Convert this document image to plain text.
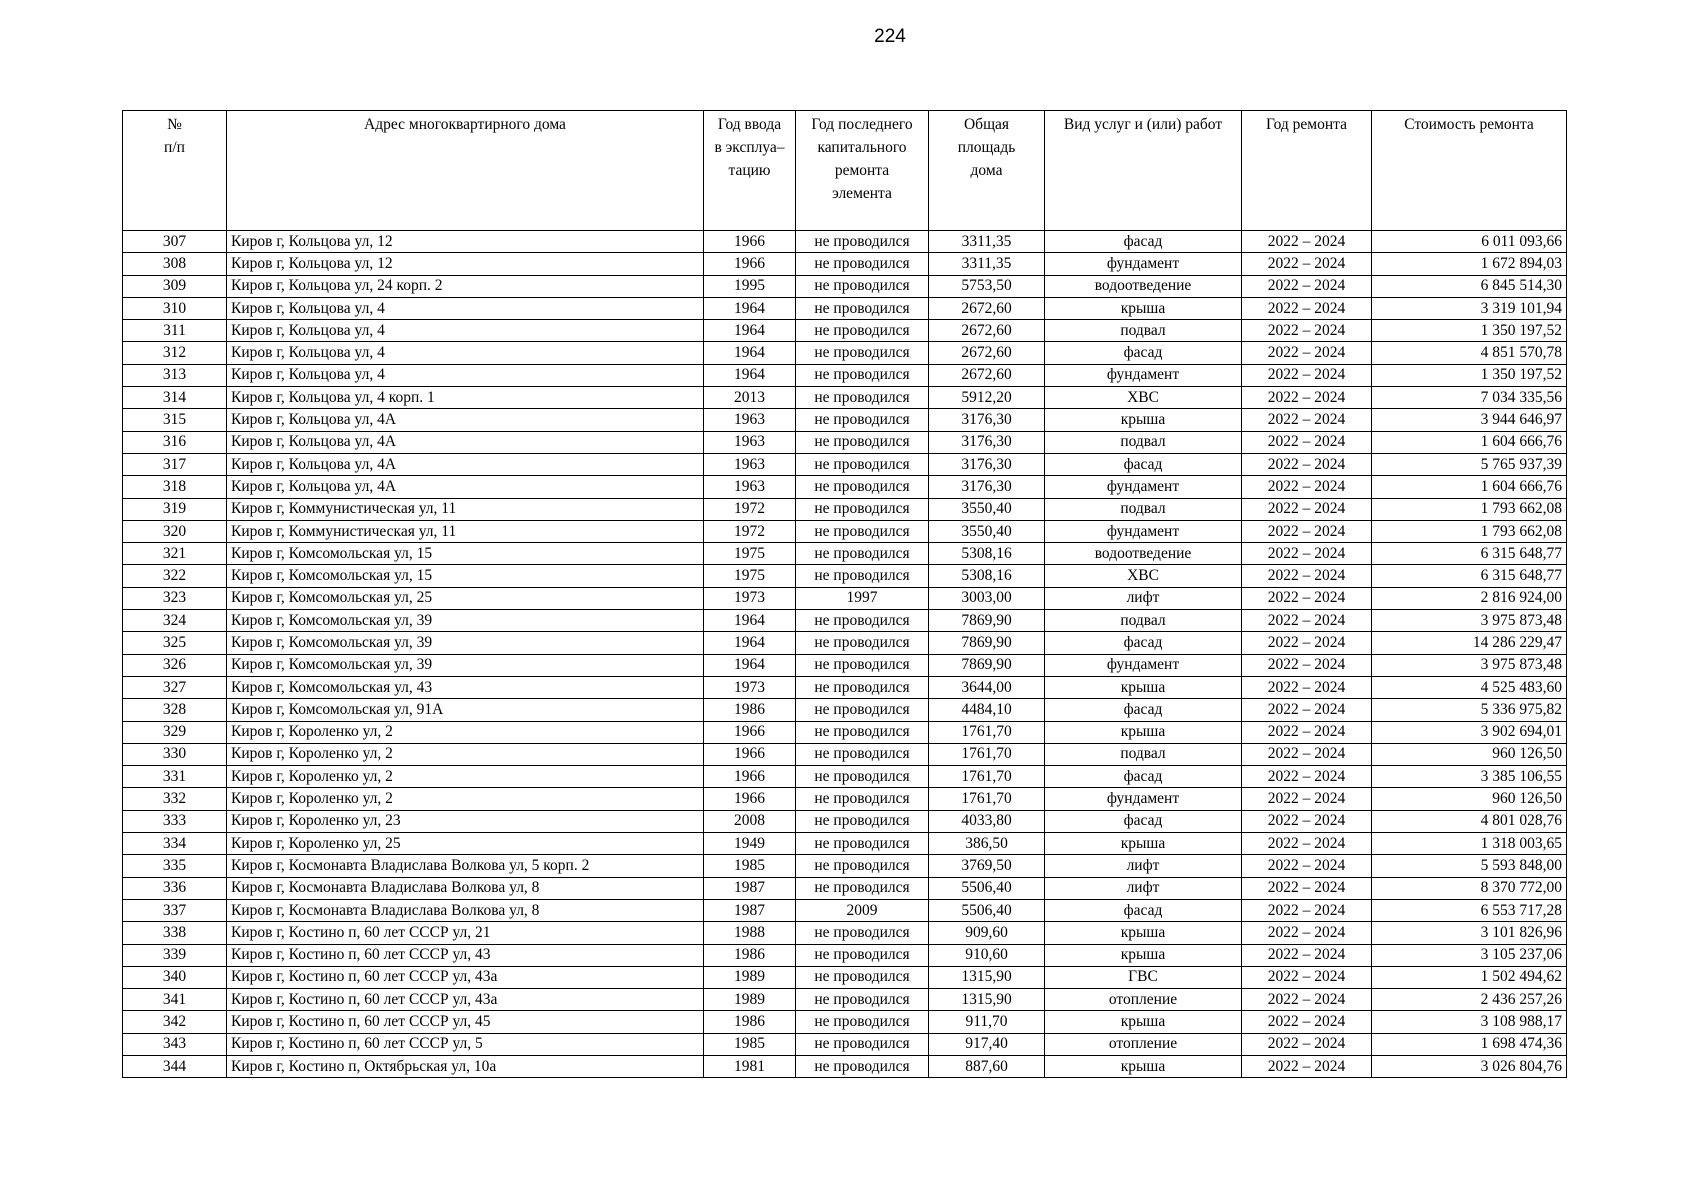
224
№
п/п	Адрес многоквартирного дома	Год ввода
в эксплуа–
тацию	Год последнего
капитального
ремонта
элемента	Общая
площадь
дома	Вид услуг и (или) работ	Год ремонта	Стоимость ремонта
307	Киров г, Кольцова ул, 12	1966	не проводился	3311,35	фасад	2022 – 2024	6 011 093,66
308	Киров г, Кольцова ул, 12	1966	не проводился	3311,35	фундамент	2022 – 2024	1 672 894,03
309	Киров г, Кольцова ул, 24 корп. 2	1995	не проводился	5753,50	водоотведение	2022 – 2024	6 845 514,30
310	Киров г, Кольцова ул, 4	1964	не проводился	2672,60	крыша	2022 – 2024	3 319 101,94
311	Киров г, Кольцова ул, 4	1964	не проводился	2672,60	подвал	2022 – 2024	1 350 197,52
312	Киров г, Кольцова ул, 4	1964	не проводился	2672,60	фасад	2022 – 2024	4 851 570,78
313	Киров г, Кольцова ул, 4	1964	не проводился	2672,60	фундамент	2022 – 2024	1 350 197,52
314	Киров г, Кольцова ул, 4 корп. 1	2013	не проводился	5912,20	ХВС	2022 – 2024	7 034 335,56
315	Киров г, Кольцова ул, 4А	1963	не проводился	3176,30	крыша	2022 – 2024	3 944 646,97
316	Киров г, Кольцова ул, 4А	1963	не проводился	3176,30	подвал	2022 – 2024	1 604 666,76
317	Киров г, Кольцова ул, 4А	1963	не проводился	3176,30	фасад	2022 – 2024	5 765 937,39
318	Киров г, Кольцова ул, 4А	1963	не проводился	3176,30	фундамент	2022 – 2024	1 604 666,76
319	Киров г, Коммунистическая ул, 11	1972	не проводился	3550,40	подвал	2022 – 2024	1 793 662,08
320	Киров г, Коммунистическая ул, 11	1972	не проводился	3550,40	фундамент	2022 – 2024	1 793 662,08
321	Киров г, Комсомольская ул, 15	1975	не проводился	5308,16	водоотведение	2022 – 2024	6 315 648,77
322	Киров г, Комсомольская ул, 15	1975	не проводился	5308,16	ХВС	2022 – 2024	6 315 648,77
323	Киров г, Комсомольская ул, 25	1973	1997	3003,00	лифт	2022 – 2024	2 816 924,00
324	Киров г, Комсомольская ул, 39	1964	не проводился	7869,90	подвал	2022 – 2024	3 975 873,48
325	Киров г, Комсомольская ул, 39	1964	не проводился	7869,90	фасад	2022 – 2024	14 286 229,47
326	Киров г, Комсомольская ул, 39	1964	не проводился	7869,90	фундамент	2022 – 2024	3 975 873,48
327	Киров г, Комсомольская ул, 43	1973	не проводился	3644,00	крыша	2022 – 2024	4 525 483,60
328	Киров г, Комсомольская ул, 91А	1986	не проводился	4484,10	фасад	2022 – 2024	5 336 975,82
329	Киров г, Короленко ул, 2	1966	не проводился	1761,70	крыша	2022 – 2024	3 902 694,01
330	Киров г, Короленко ул, 2	1966	не проводился	1761,70	подвал	2022 – 2024	960 126,50
331	Киров г, Короленко ул, 2	1966	не проводился	1761,70	фасад	2022 – 2024	3 385 106,55
332	Киров г, Короленко ул, 2	1966	не проводился	1761,70	фундамент	2022 – 2024	960 126,50
333	Киров г, Короленко ул, 23	2008	не проводился	4033,80	фасад	2022 – 2024	4 801 028,76
334	Киров г, Короленко ул, 25	1949	не проводился	386,50	крыша	2022 – 2024	1 318 003,65
335	Киров г, Космонавта Владислава Волкова ул, 5 корп. 2	1985	не проводился	3769,50	лифт	2022 – 2024	5 593 848,00
336	Киров г, Космонавта Владислава Волкова ул, 8	1987	не проводился	5506,40	лифт	2022 – 2024	8 370 772,00
337	Киров г, Космонавта Владислава Волкова ул, 8	1987	2009	5506,40	фасад	2022 – 2024	6 553 717,28
338	Киров г, Костино п, 60 лет СССР ул, 21	1988	не проводился	909,60	крыша	2022 – 2024	3 101 826,96
339	Киров г, Костино п, 60 лет СССР ул, 43	1986	не проводился	910,60	крыша	2022 – 2024	3 105 237,06
340	Киров г, Костино п, 60 лет СССР ул, 43а	1989	не проводился	1315,90	ГВС	2022 – 2024	1 502 494,62
341	Киров г, Костино п, 60 лет СССР ул, 43а	1989	не проводился	1315,90	отопление	2022 – 2024	2 436 257,26
342	Киров г, Костино п, 60 лет СССР ул, 45	1986	не проводился	911,70	крыша	2022 – 2024	3 108 988,17
343	Киров г, Костино п, 60 лет СССР ул, 5	1985	не проводился	917,40	отопление	2022 – 2024	1 698 474,36
344	Киров г, Костино п, Октябрьская ул, 10а	1981	не проводился	887,60	крыша	2022 – 2024	3 026 804,76
